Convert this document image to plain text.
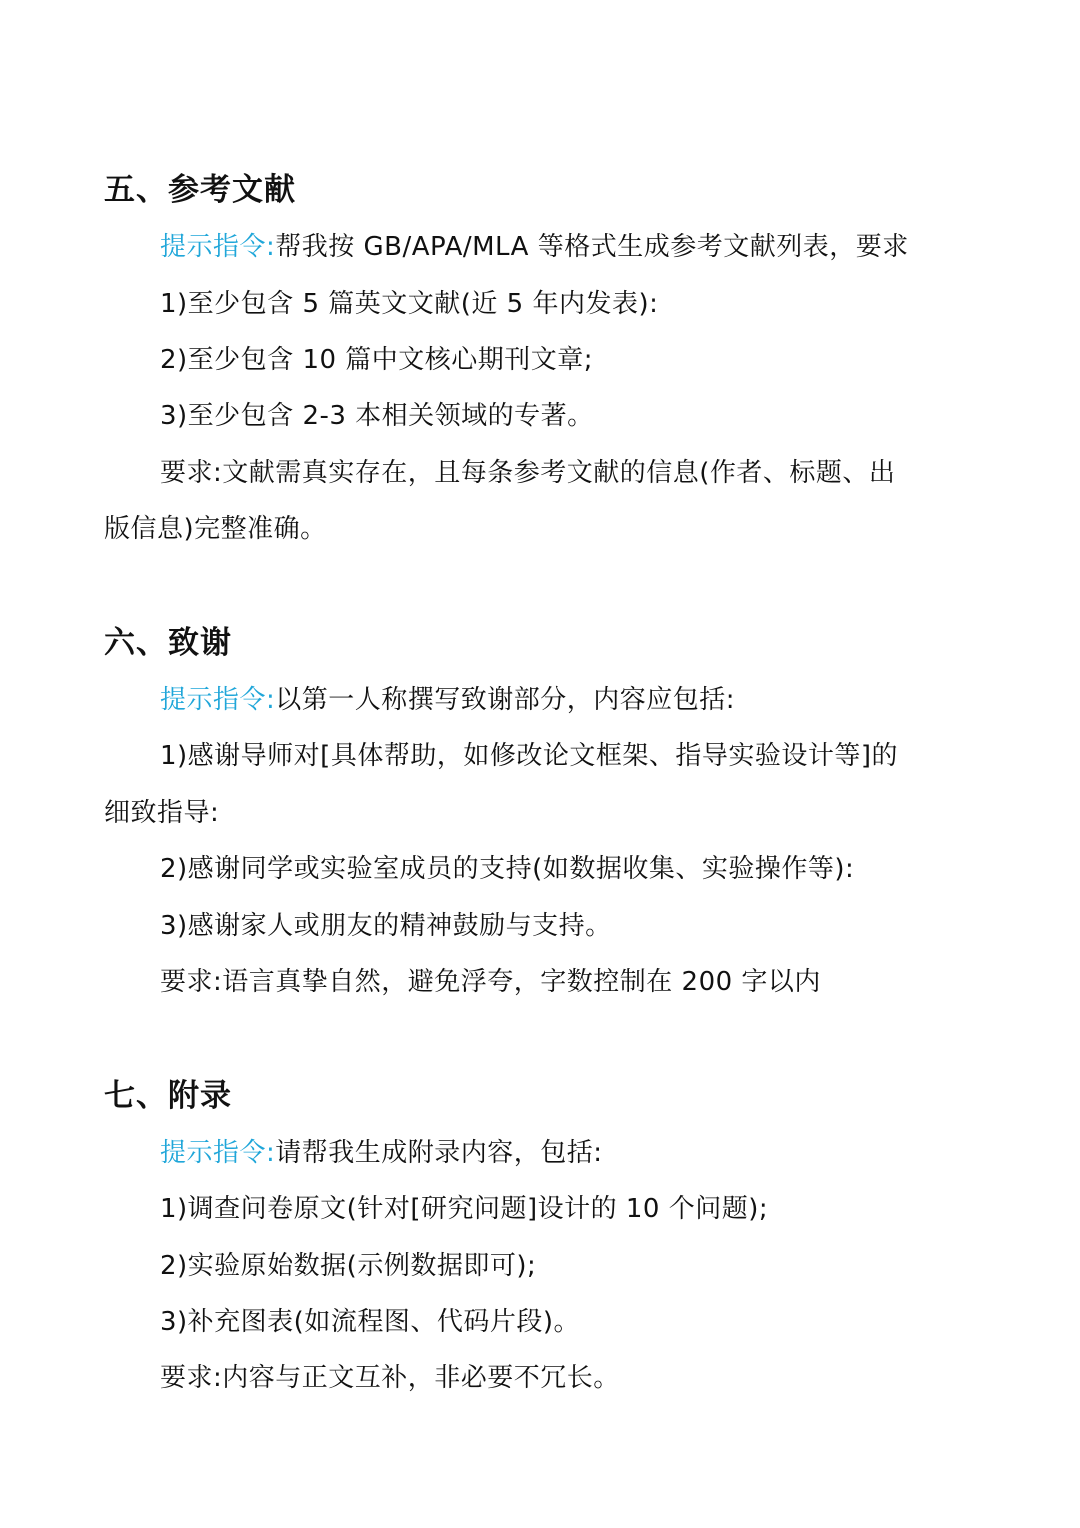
五、参考文献
提示指令:帮我按 GB/APA/MLA 等格式生成参考文献列表，要求
1)至少包含 5 篇英文文献(近 5 年内发表):
2)至少包含 10 篇中文核心期刊文章;
3)至少包含 2-3 本相关领域的专著。
要求:文献需真实存在，且每条参考文献的信息(作者、标题、出
版信息)完整准确。
六、致谢
提示指令:以第一人称撰写致谢部分，内容应包括:
1)感谢导师对[具体帮助，如修改论文框架、指导实验设计等]的
细致指导:
2)感谢同学或实验室成员的支持(如数据收集、实验操作等):
3)感谢家人或朋友的精神鼓励与支持。
要求:语言真挚自然，避免浮夸，字数控制在 200 字以内
七、附录
提示指令:请帮我生成附录内容，包括:
1)调查问卷原文(针对[研究问题]设计的 10 个问题);
2)实验原始数据(示例数据即可);
3)补充图表(如流程图、代码片段)。
要求:内容与正文互补，非必要不冗长。
